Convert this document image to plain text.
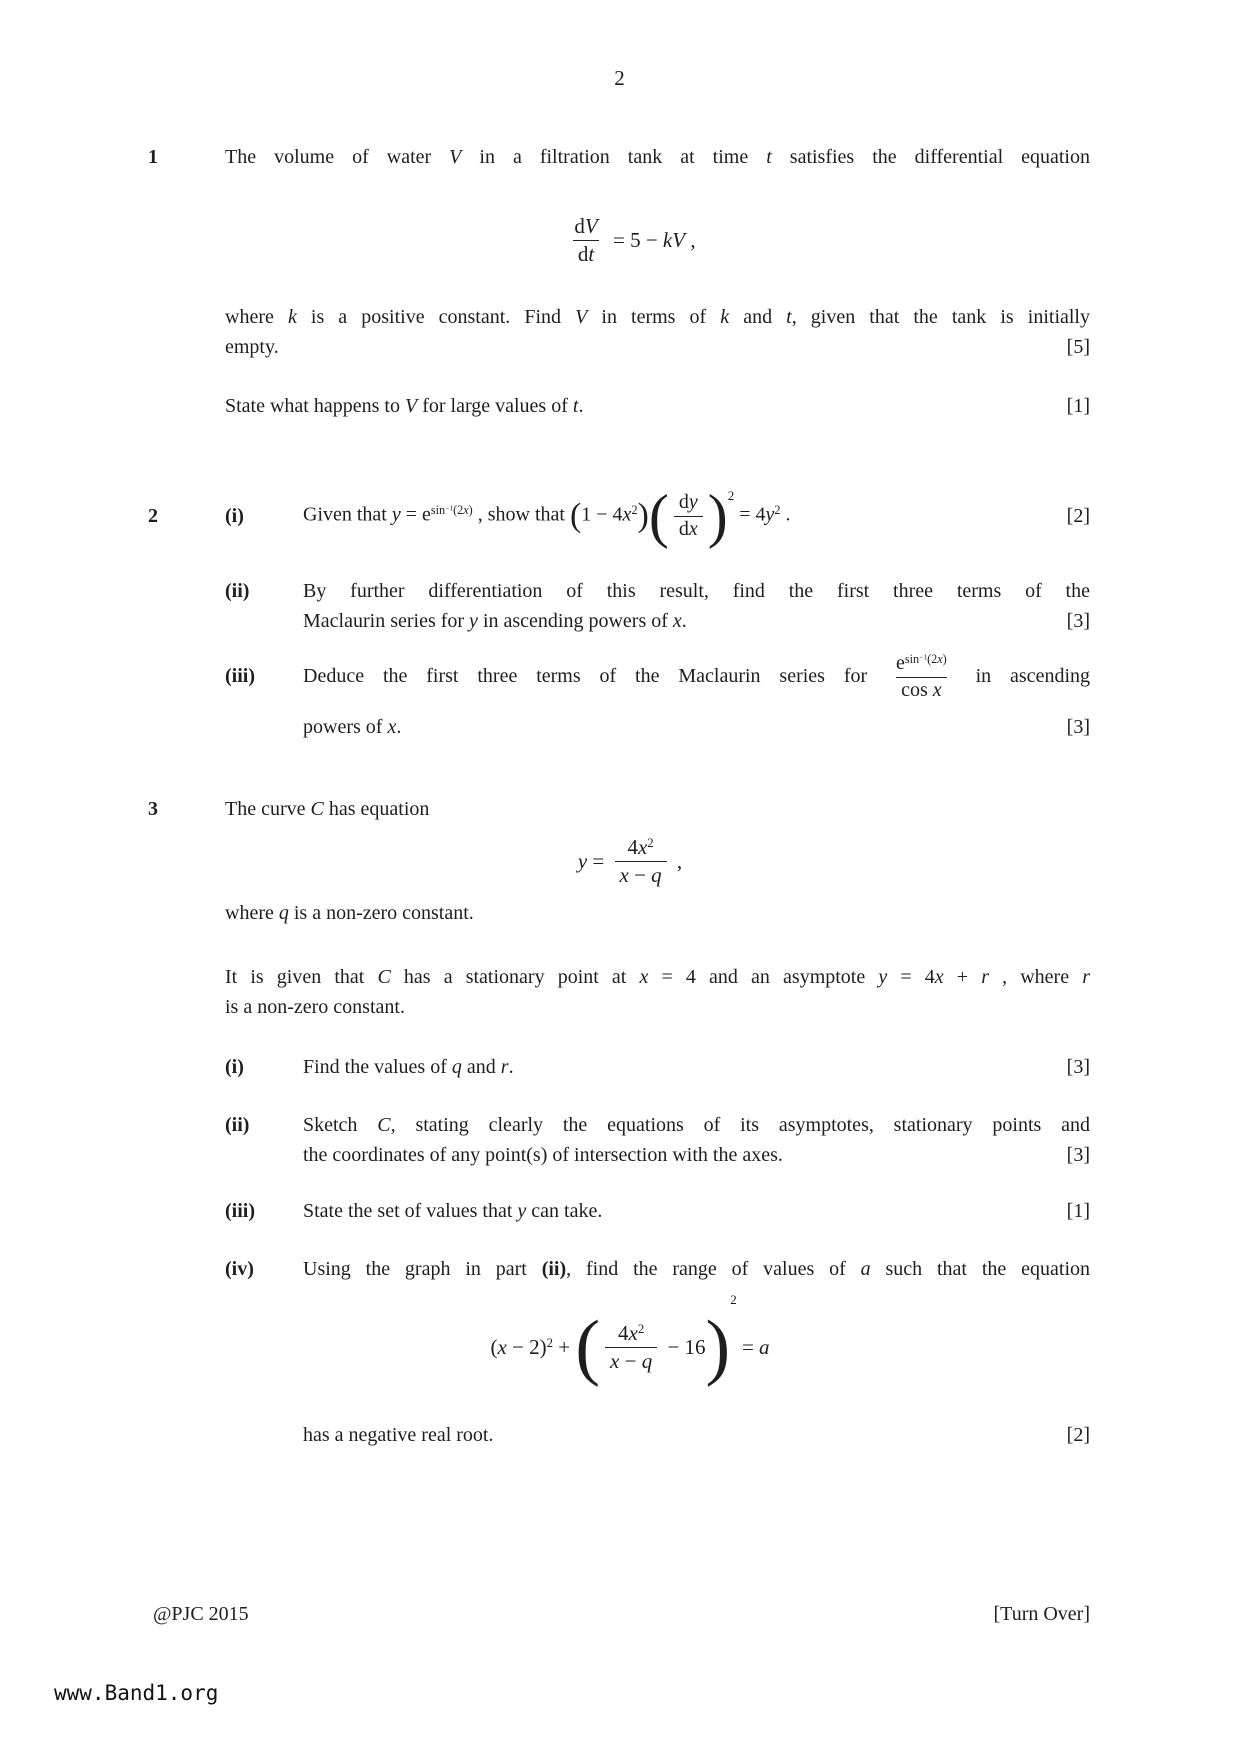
2
1	The volume of water V in a filtration tank at time t satisfies the differential equation
$\frac{dV}{dt} = 5$ − kV ,
where k is a positive constant. Find V in terms of k and t, given that the tank is initially
[5]
empty.
[1]
State what happens to V for large values of t.
2	(i)	Given that $y = e^{sin^{-1}(2x)}$ , show that $(1 - 4x^2)( \frac{dy}{dx} )^2 = 4y^2$ .	[2]
(ii)	By further differentiation of this result, find the first three terms of the
[3]
Maclaurin series for y in ascending powers of x.
(iii)	Deduce the first three terms of the Maclaurin series for $\frac{e^{sin^{-1}(2x)}}{\text{cos x}}$ in ascending
[3]
powers of x.
3	The curve C has equation
$y = \frac{4x^2}{x - q}$ ,
where q is a non-zero constant.
It is given that C has a stationary point at x = 4 and an asymptote y = 4x + r , where r
is a non-zero constant.
(i)	[3]
Find the values of q and r.
(ii)	Sketch C, stating clearly the equations of its asymptotes, stationary points and
[3]
the coordinates of any point(s) of intersection with the axes.
(iii)	[1]
State the set of values that y can take.
(iv)	Using the graph in part (ii), find the range of values of a such that the equation
$(x - 2)^2$ + ( $\frac{4x^2}{x - q} - 16$ )
2
= a
[2]
has a negative real root.
@PJC 2015	[Turn Over]
www.Band1.org
